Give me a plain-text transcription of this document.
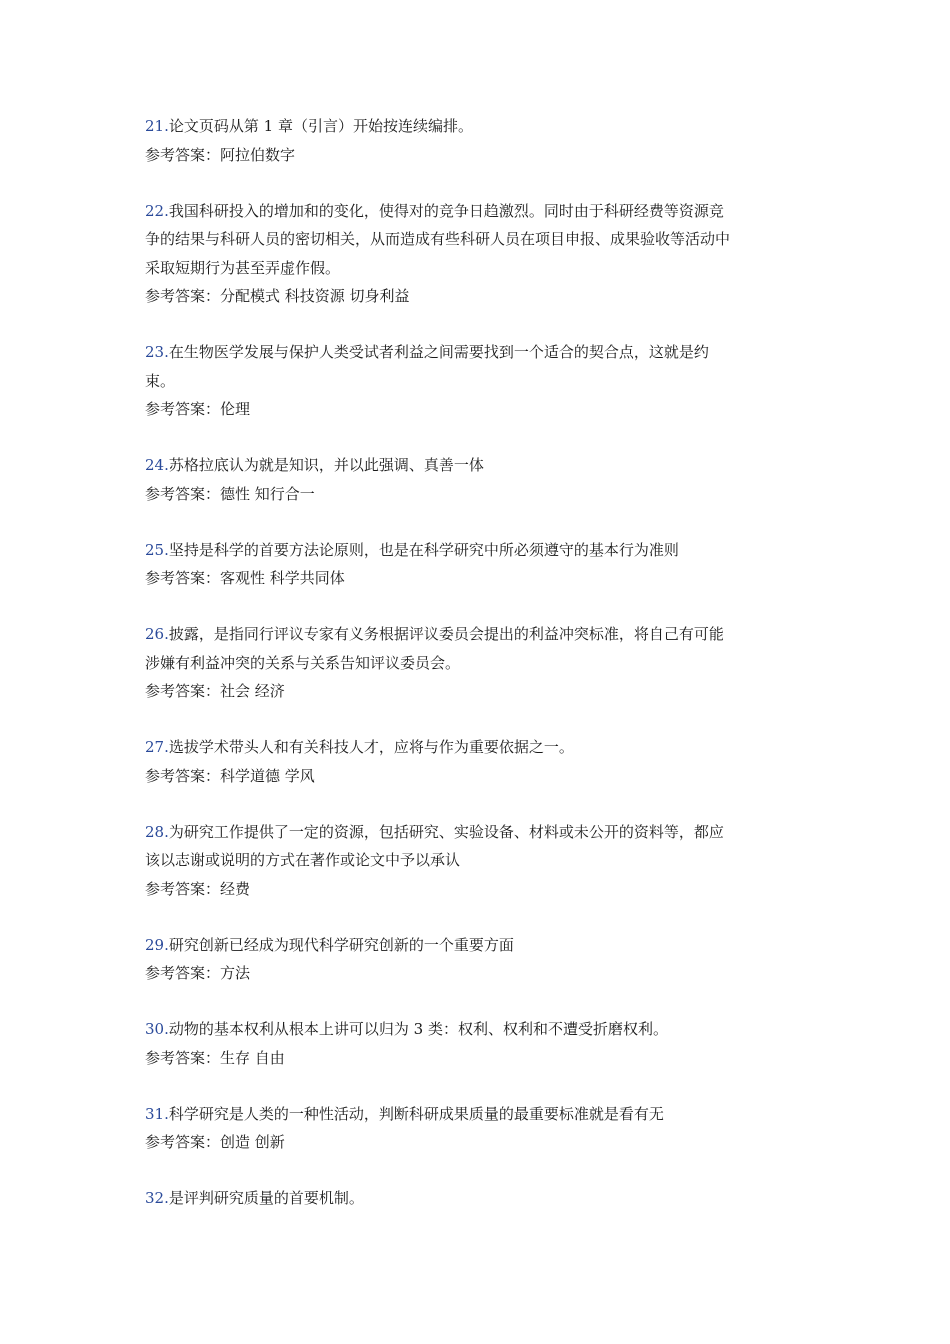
21.论文页码从第 1 章（引言）开始按连续编排。
参考答案：阿拉伯数字
22.我国科研投入的增加和的变化，使得对的竞争日趋激烈。同时由于科研经费等资源竞
争的结果与科研人员的密切相关，从而造成有些科研人员在项目申报、成果验收等活动中
采取短期行为甚至弄虚作假。
参考答案：分配模式 科技资源 切身利益
23.在生物医学发展与保护人类受试者利益之间需要找到一个适合的契合点，这就是约
束。
参考答案：伦理
24.苏格拉底认为就是知识，并以此强调、真善一体
参考答案：德性 知行合一
25.坚持是科学的首要方法论原则，也是在科学研究中所必须遵守的基本行为准则
参考答案：客观性 科学共同体
26.披露，是指同行评议专家有义务根据评议委员会提出的利益冲突标准，将自己有可能
涉嫌有利益冲突的关系与关系告知评议委员会。
参考答案：社会 经济
27.选拔学术带头人和有关科技人才，应将与作为重要依据之一。
参考答案：科学道德 学风
28.为研究工作提供了一定的资源，包括研究、实验设备、材料或未公开的资料等，都应
该以志谢或说明的方式在著作或论文中予以承认
参考答案：经费
29.研究创新已经成为现代科学研究创新的一个重要方面
参考答案：方法
30.动物的基本权利从根本上讲可以归为 3 类：权利、权利和不遭受折磨权利。
参考答案：生存 自由
31.科学研究是人类的一种性活动，判断科研成果质量的最重要标准就是看有无
参考答案：创造 创新
32.是评判研究质量的首要机制。
